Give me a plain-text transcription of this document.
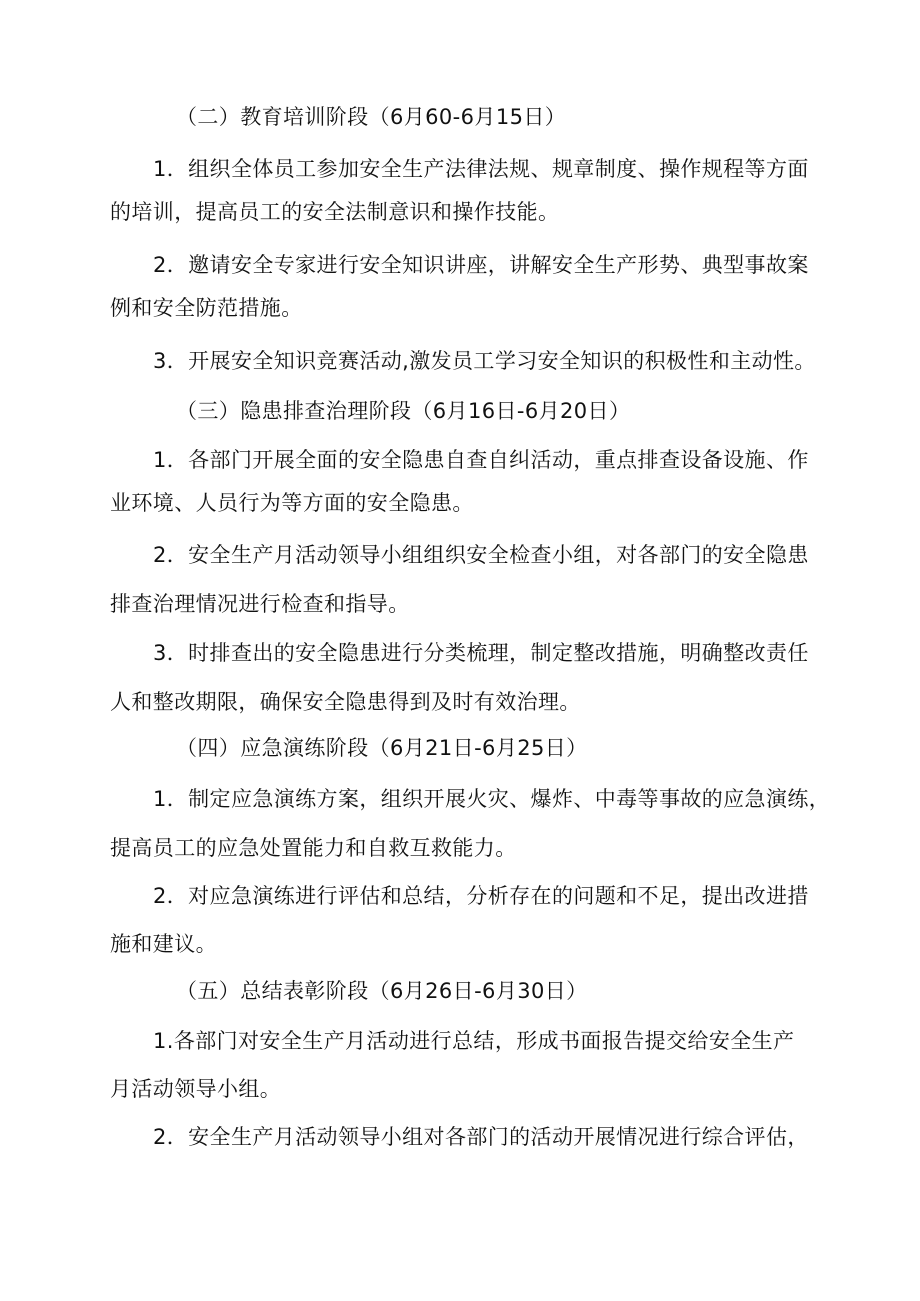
（二）教育培训阶段（6月60-6月15日）
1．组织全体员工参加安全生产法律法规、规章制度、操作规程等方面
的培训，提高员工的安全法制意识和操作技能。
2．邀请安全专家进行安全知识讲座，讲解安全生产形势、典型事故案
例和安全防范措施。
3．开展安全知识竞赛活动,激发员工学习安全知识的积极性和主动性。
（三）隐患排查治理阶段（6月16日-6月20日）
1．各部门开展全面的安全隐患自查自纠活动，重点排查设备设施、作
业环境、人员行为等方面的安全隐患。
2．安全生产月活动领导小组组织安全检查小组，对各部门的安全隐患
排查治理情况进行检查和指导。
3．时排查出的安全隐患进行分类梳理，制定整改措施，明确整改责任
人和整改期限，确保安全隐患得到及时有效治理。
（四）应急演练阶段（6月21日-6月25日）
1．制定应急演练方案，组织开展火灾、爆炸、中毒等事故的应急演练，
提高员工的应急处置能力和自救互救能力。
2．对应急演练进行评估和总结，分析存在的问题和不足，提出改进措
施和建议。
（五）总结表彰阶段（6月26日-6月30日）
1.各部门对安全生产月活动进行总结，形成书面报告提交给安全生产
月活动领导小组。
2．安全生产月活动领导小组对各部门的活动开展情况进行综合评估，
